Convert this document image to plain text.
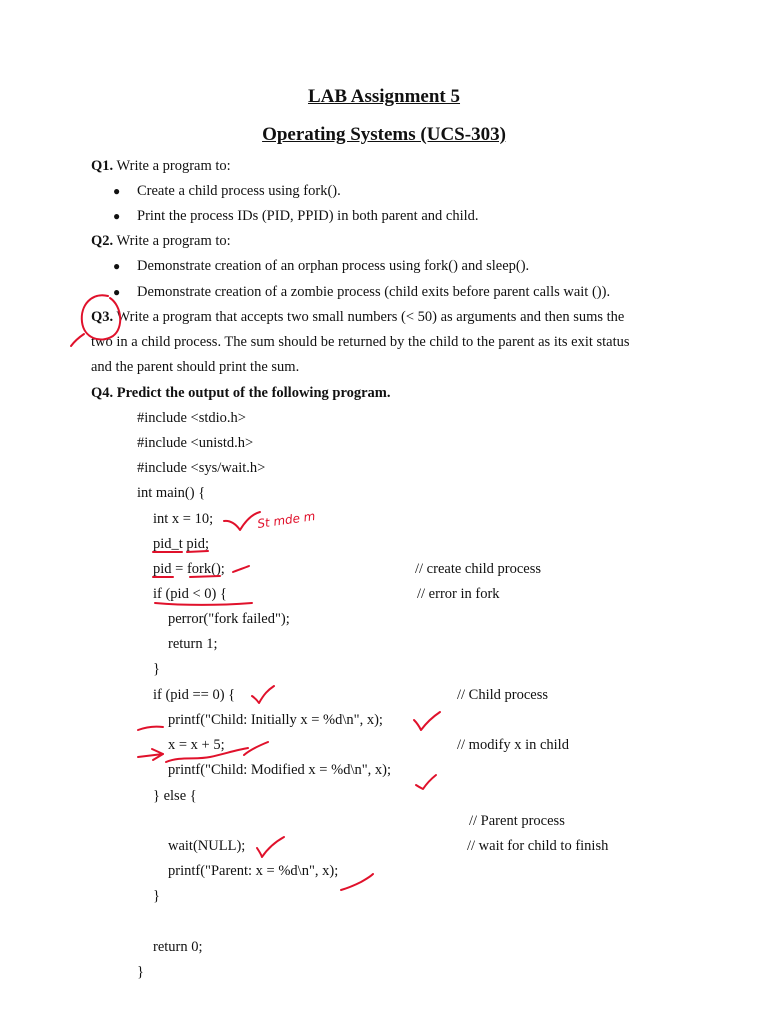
LAB Assignment 5
Operating Systems (UCS-303)
Q1. Write a program to:
● Create a child process using fork().
● Print the process IDs (PID, PPID) in both parent and child.
Q2. Write a program to:
● Demonstrate creation of an orphan process using fork() and sleep().
● Demonstrate creation of a zombie process (child exits before parent calls wait ()).
Q3. Write a program that accepts two small numbers (< 50) as arguments and then sums the
two in a child process. The sum should be returned by the child to the parent as its exit status
and the parent should print the sum.
Q4. Predict the output of the following program.
#include <stdio.h>
#include <unistd.h>
#include <sys/wait.h>
int main() {
int x = 10;
pid_t pid;
pid = fork();	// create child process
if (pid < 0) {	// error in fork
perror("fork failed");
return 1;
}
if (pid == 0) {	// Child process
printf("Child: Initially x = %d\n", x);
x = x + 5;	// modify x in child
printf("Child: Modified x = %d\n", x);
} else {
// Parent process
wait(NULL);	// wait for child to finish
printf("Parent: x = %d\n", x);
}
return 0;
}
St mde m
